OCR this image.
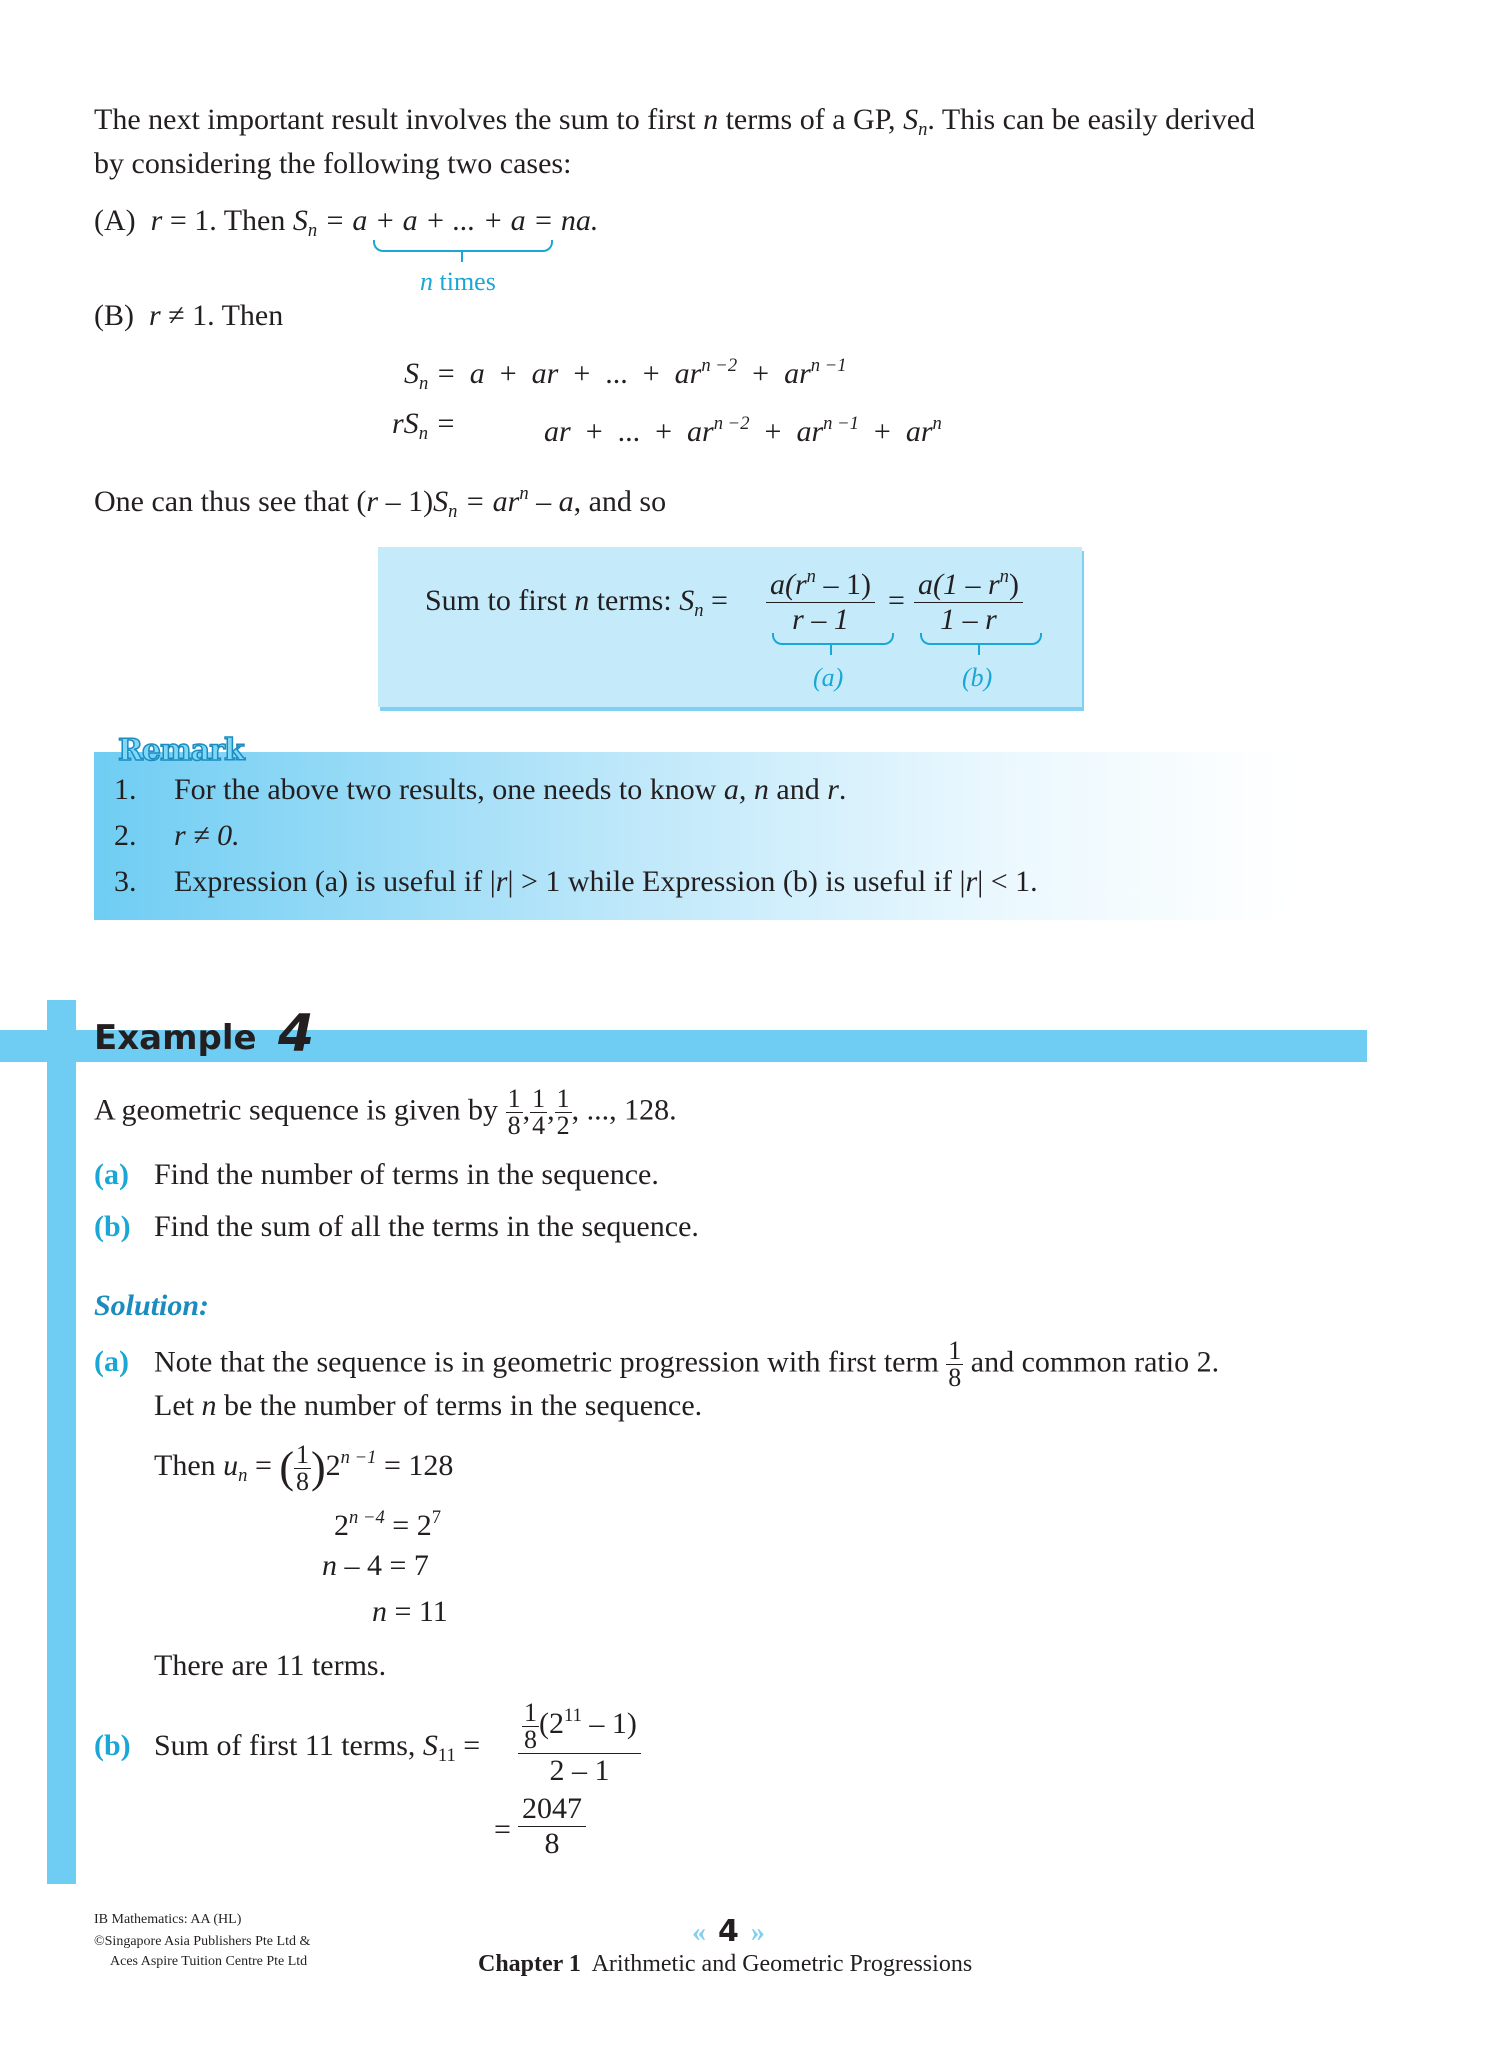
The next important result involves the sum to first n terms of a GP, $S_n$. This can be easily derived
by considering the following two cases:
(A) r = 1. Then $S_n = a + a$ + ... + a = na.
n times
(B) r ≠ 1. Then
$S_n = a$  +  ar  +  ...  +  $ar^{n -2} + ar^{n -1}$
$rS_n$ =	ar  +  ...  +  $ar^{n -2} + ar^{n -1} + ar^n$
One can thus see that $(r - 1)S_n = ar^n - a$, and so
Sum to first n terms: $S_n = \frac{a(r^n - 1)}{r - 1} = \frac{a(1 - r^n)}{1 - r}$
(a)	(b)
Remark
1. For the above two results, one needs to know a, n and r.
2. r ≠ 0.
3. Expression (a) is useful if |r| > 1 while Expression (b) is useful if |r| < 1.
Example 4
A geometric sequence is given by $\frac{1}{8}$ , $\frac{1}{4}$ , $\frac{1}{2}$ , ..., 128.
(a) Find the number of terms in the sequence.
(b) Find the sum of all the terms in the sequence.
Solution:
(a) Note that the sequence is in geometric progression with first term $\frac{1}{8}$ and common ratio 2.
Let n be the number of terms in the sequence.
Then $u_n$ = ( $\frac{1}{8} )2^{n -1} = 128$
$2^{n -4} = 2^7$
n – 4 = 7
n = 11
There are 11 terms.
(b) Sum of first 11 terms, $S_{11} = \frac{\frac{1}{8} (2^{11} - 1)}{2 - 1}$
= $\frac{2047}{8}$
IB Mathematics: AA (HL)
©Singapore Asia Publishers Pte Ltd &
Aces Aspire Tuition Centre Pte Ltd
« 4 »
Chapter 1 Arithmetic and Geometric Progressions
